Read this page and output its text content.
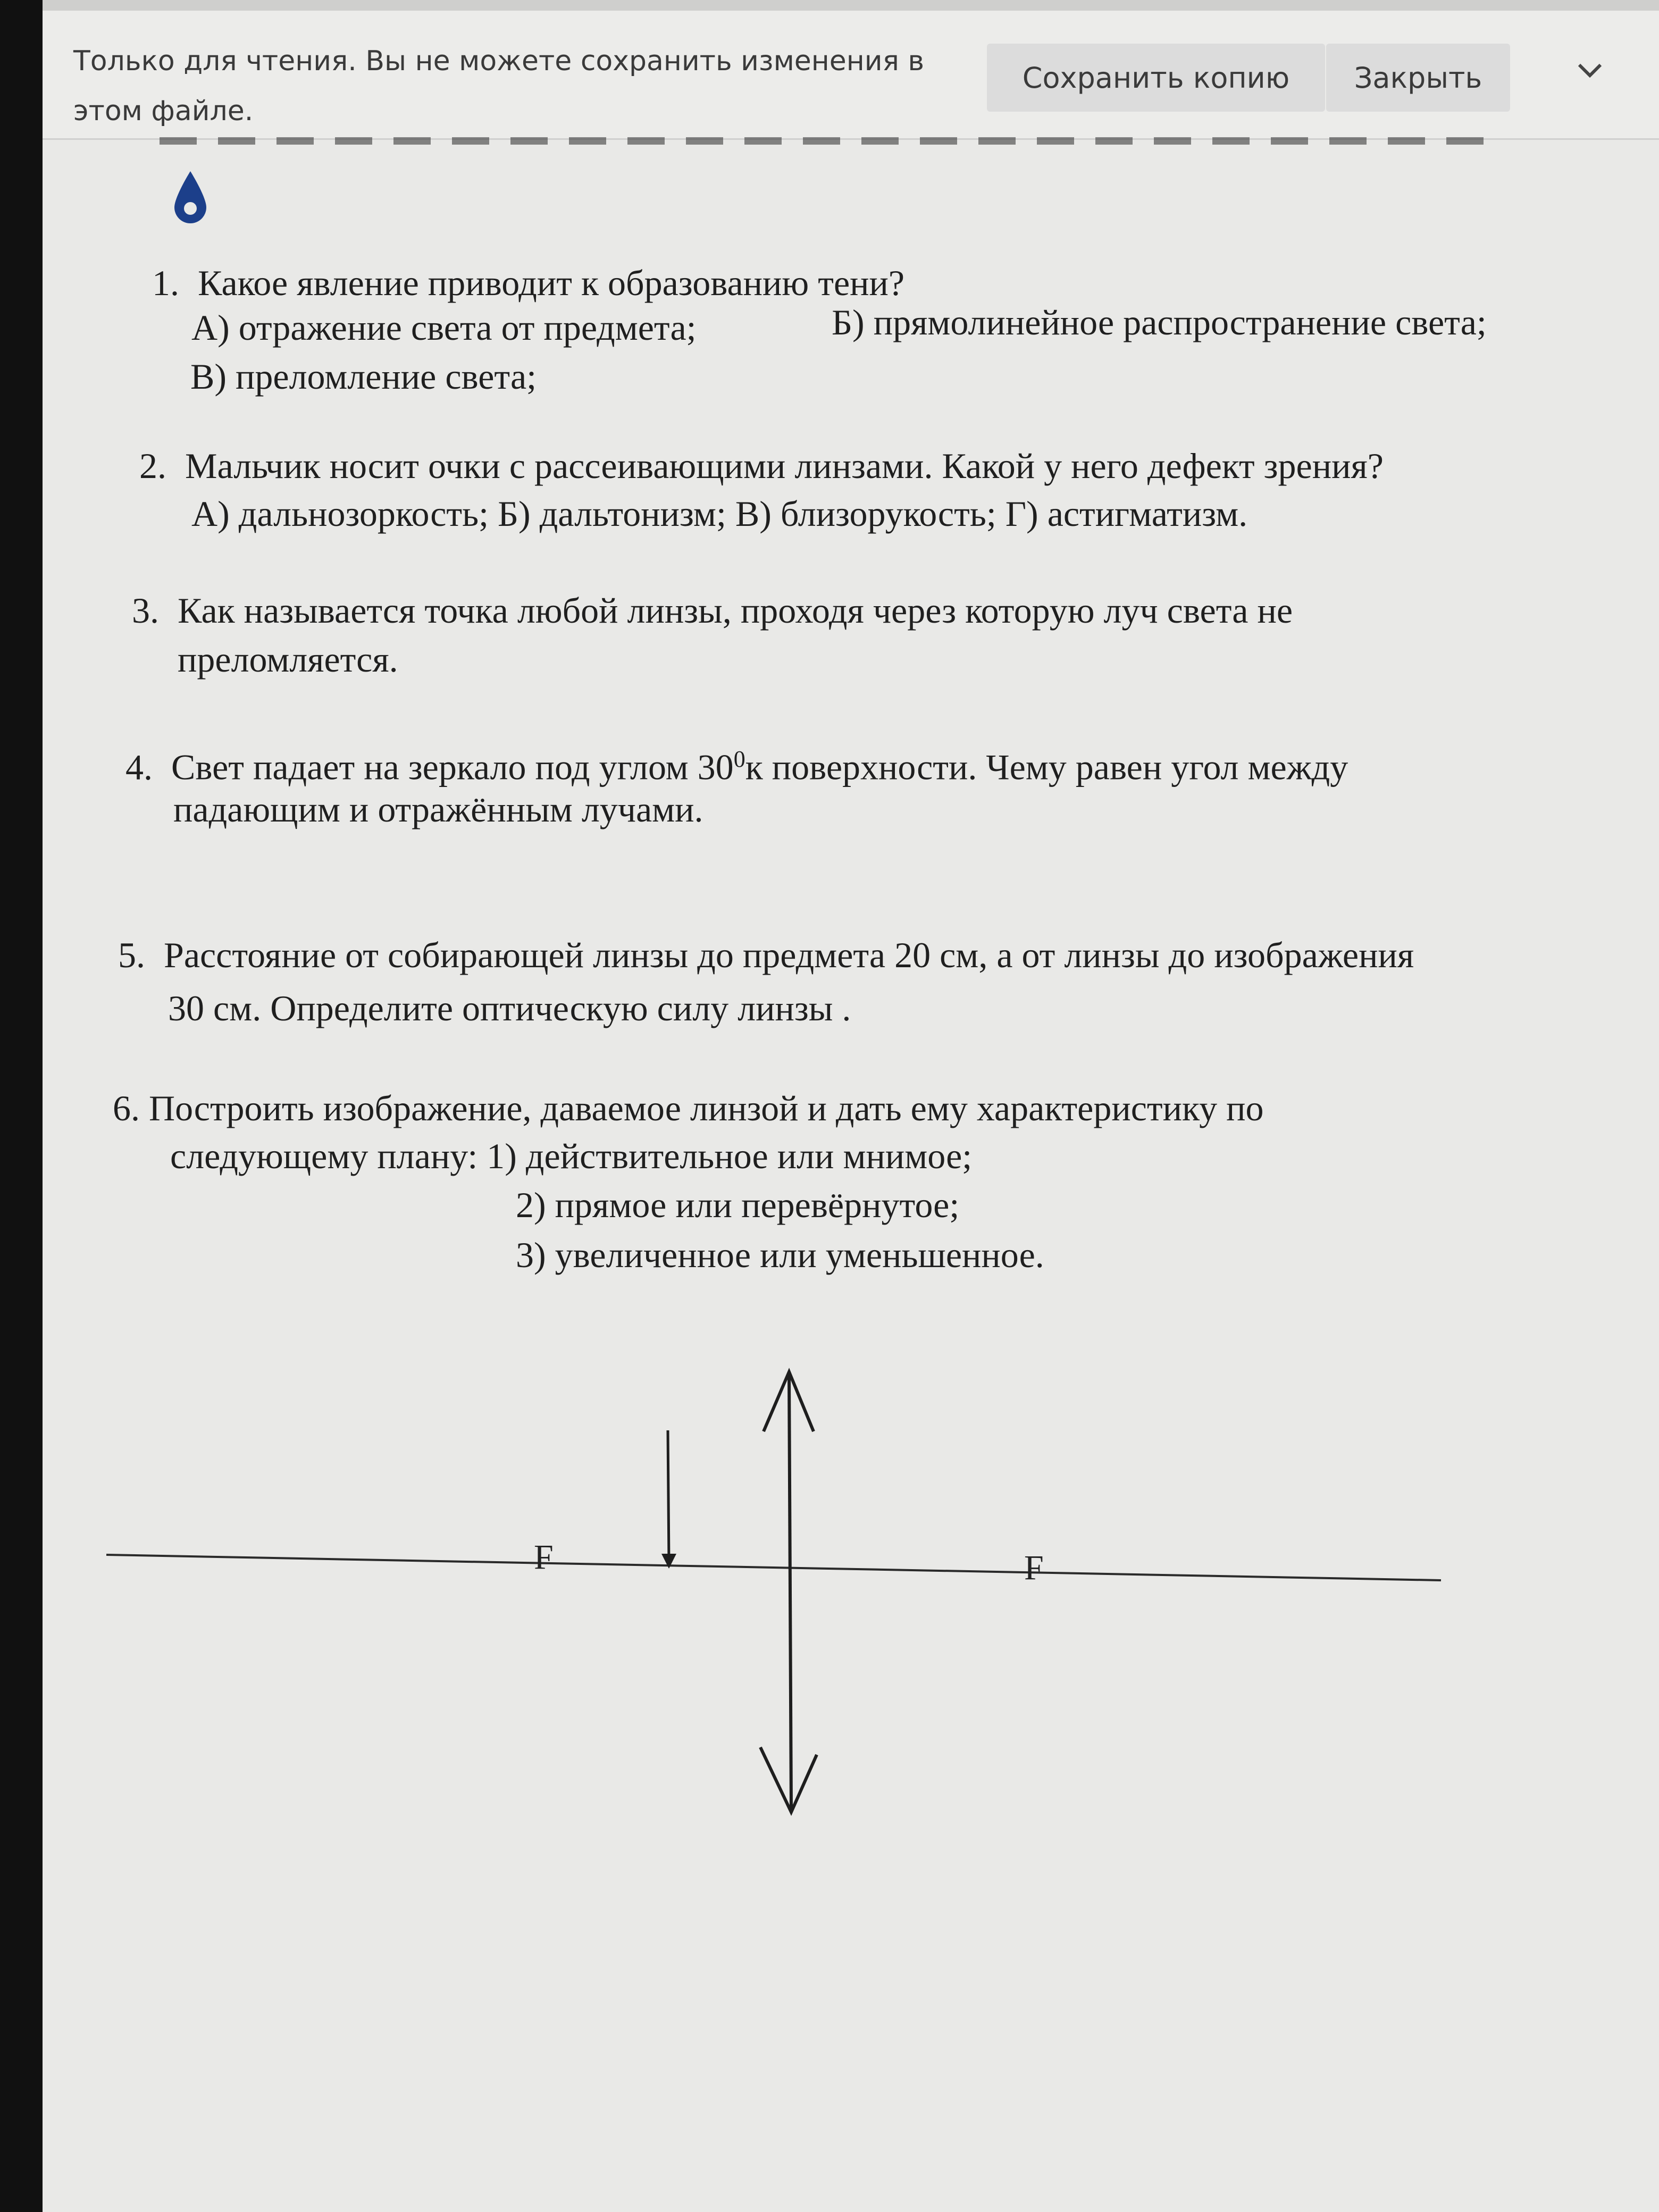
Только для чтения. Вы не можете сохранить изменения в этом файле.

Сохранить копию	Закрыть

1. Какое явление приводит к образованию тени?

А) отражение света от предмета;	Б) прямолинейное распространение света;

В) преломление света;

2. Мальчик носит очки с рассеивающими линзами. Какой у него дефект зрения?

А) дальнозоркость; Б) дальтонизм; В) близорукость; Г) астигматизм.

3. Как называется точка любой линзы, проходя через которую луч света не

преломляется.

4. Свет падает на зеркало под углом $30^0к$ поверхности. Чему равен угол между

падающим и отражённым лучами.

5. Расстояние от собирающей линзы до предмета 20 см, а от линзы до изображения

30 см. Определите оптическую силу линзы .

6. Построить изображение, даваемое линзой и дать ему характеристику по

следующему плану: 1) действительное или мнимое;

2) прямое или перевёрнутое;

3) увеличенное или уменьшенное.

F	F
